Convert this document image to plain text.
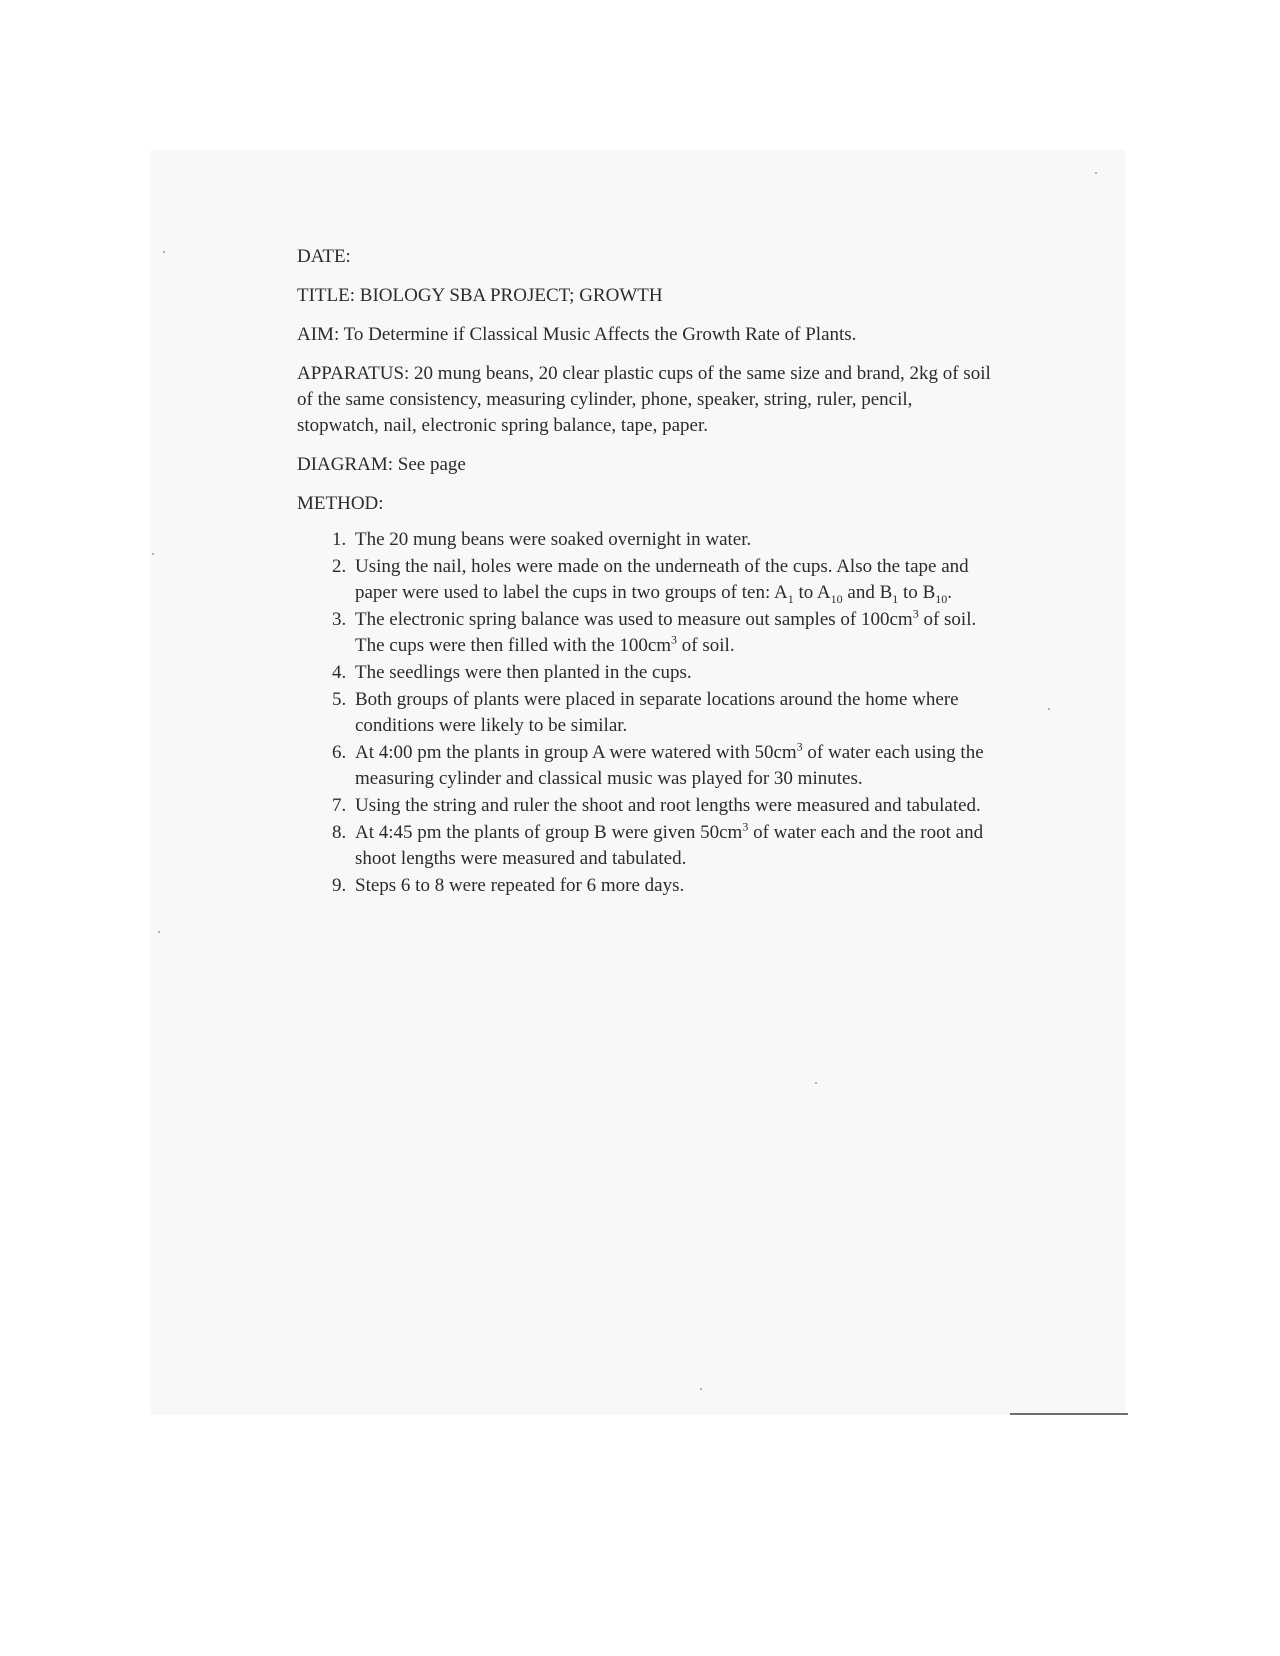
DATE:

TITLE: BIOLOGY SBA PROJECT; GROWTH

AIM: To Determine if Classical Music Affects the Growth Rate of Plants.

APPARATUS: 20 mung beans, 20 clear plastic cups of the same size and brand, 2kg of soil of the same consistency, measuring cylinder, phone, speaker, string, ruler, pencil, stopwatch, nail, electronic spring balance, tape, paper.

DIAGRAM: See page

METHOD:

1. The 20 mung beans were soaked overnight in water.
2. Using the nail, holes were made on the underneath of the cups. Also the tape and paper were used to label the cups in two groups of ten: $A_1$ to $A_{10}$ and $B_1$ to $B_{10}$.
3. The electronic spring balance was used to measure out samples of $100cm^3$ of soil. The cups were then filled with the $100cm^3$ of soil.
4. The seedlings were then planted in the cups.
5. Both groups of plants were placed in separate locations around the home where conditions were likely to be similar.
6. At 4:00 pm the plants in group A were watered with $50cm^3$ of water each using the measuring cylinder and classical music was played for 30 minutes.
7. Using the string and ruler the shoot and root lengths were measured and tabulated.
8. At 4:45 pm the plants of group B were given $50cm^3$ of water each and the root and shoot lengths were measured and tabulated.
9. Steps 6 to 8 were repeated for 6 more days.
